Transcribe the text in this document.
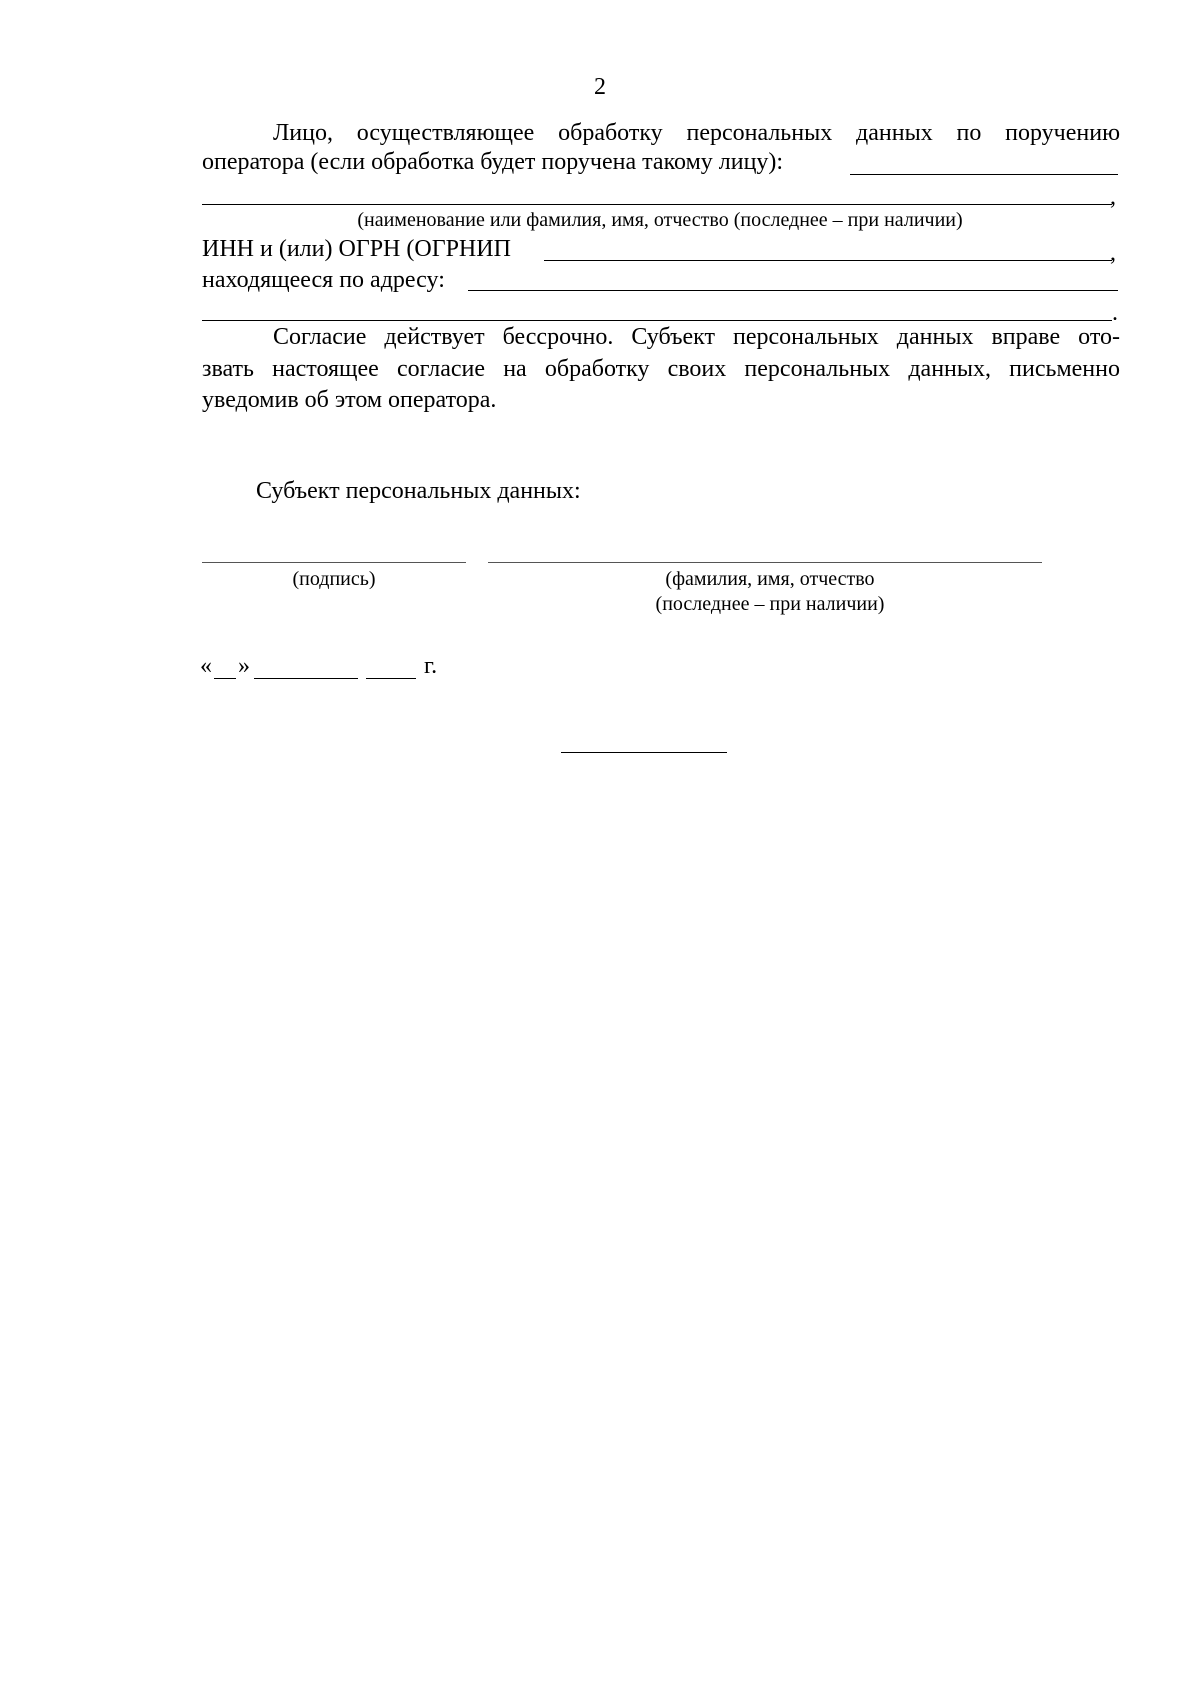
2
Лицо, осуществляющее обработку персональных данных по поручению
оператора (если обработка будет поручена такому лицу):
,
(наименование или фамилия, имя, отчество (последнее – при наличии)
ИНН и (или) ОГРН (ОГРНИП	,
находящееся по адресу:
.
Согласие действует бессрочно. Субъект персональных данных вправе ото-
звать настоящее согласие на обработку своих персональных данных, письменно
уведомив об этом оператора.
Субъект персональных данных:
(подпись)	(фамилия, имя, отчество
(последнее – при наличии)
« »	г.
